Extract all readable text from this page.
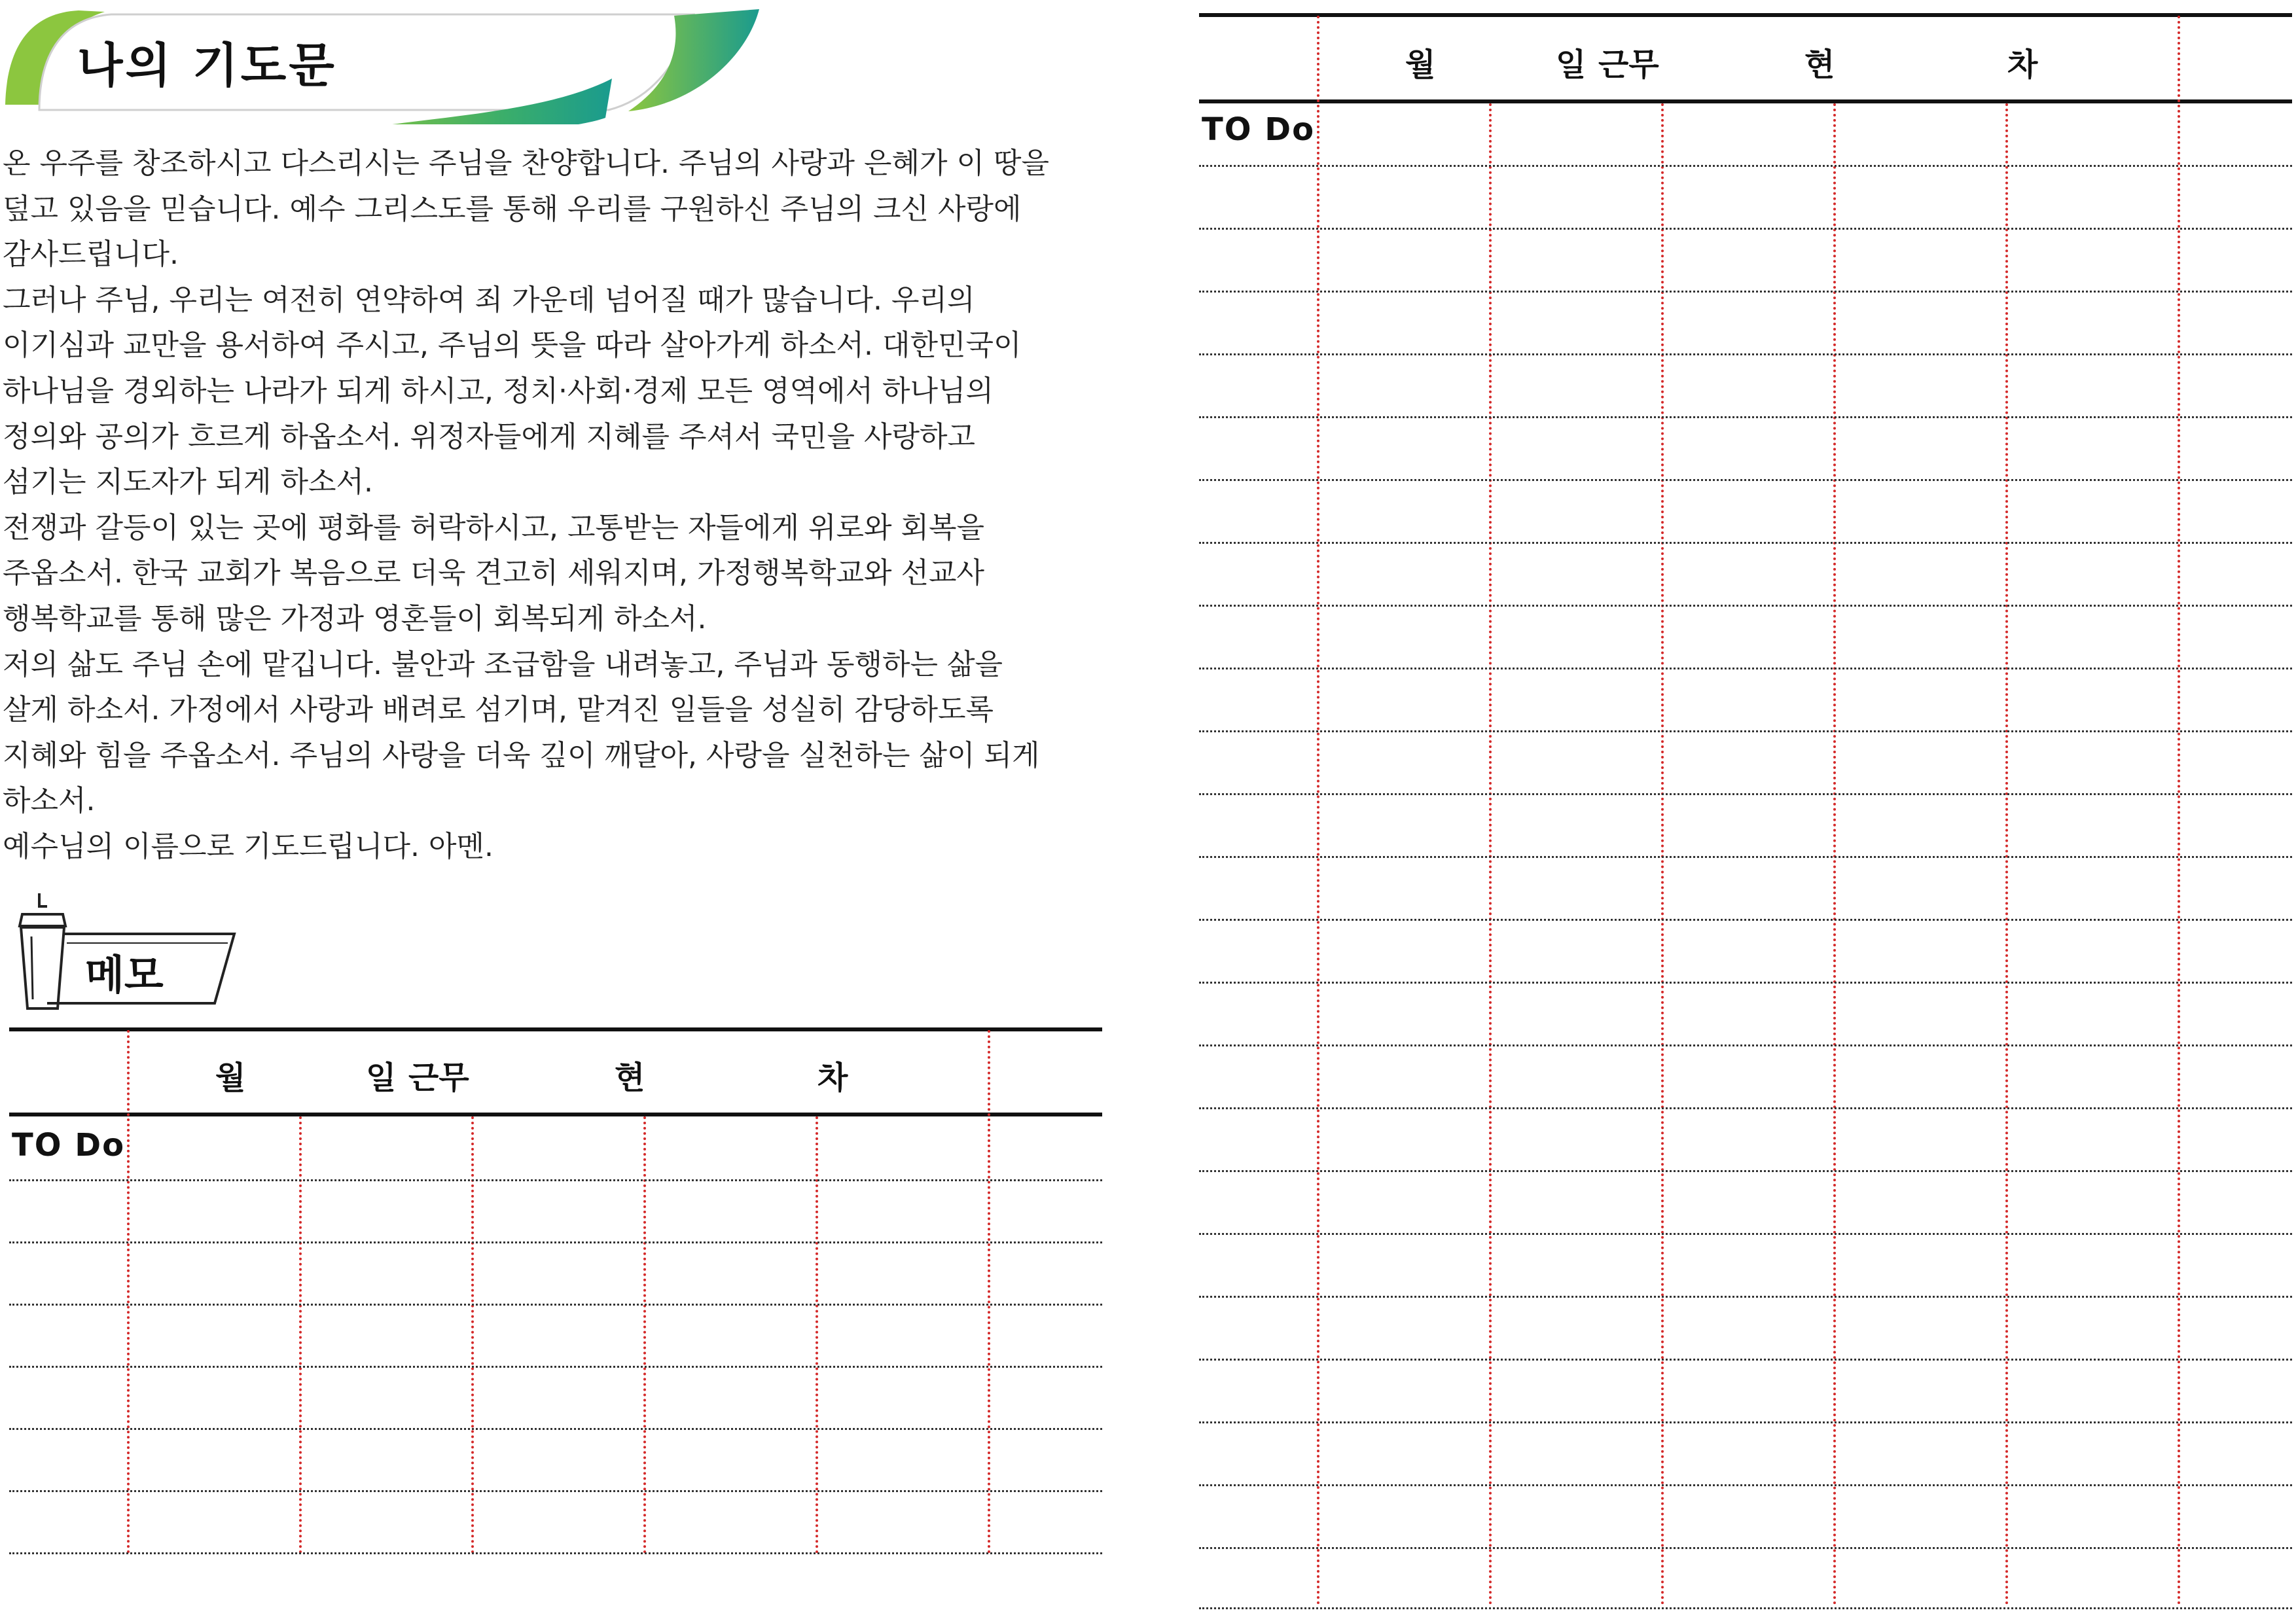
나의 기도문

온 우주를 창조하시고 다스리시는 주님을 찬양합니다. 주님의 사랑과 은혜가 이 땅을

덮고 있음을 믿습니다. 예수 그리스도를 통해 우리를 구원하신 주님의 크신 사랑에

감사드립니다.

그러나 주님, 우리는 여전히 연약하여 죄 가운데 넘어질 때가 많습니다. 우리의

이기심과 교만을 용서하여 주시고, 주님의 뜻을 따라 살아가게 하소서. 대한민국이

하나님을 경외하는 나라가 되게 하시고, 정치·사회·경제 모든 영역에서 하나님의

정의와 공의가 흐르게 하옵소서. 위정자들에게 지혜를 주셔서 국민을 사랑하고

섬기는 지도자가 되게 하소서.

전쟁과 갈등이 있는 곳에 평화를 허락하시고, 고통받는 자들에게 위로와 회복을

주옵소서. 한국 교회가 복음으로 더욱 견고히 세워지며, 가정행복학교와 선교사

행복학교를 통해 많은 가정과 영혼들이 회복되게 하소서.

저의 삶도 주님 손에 맡깁니다. 불안과 조급함을 내려놓고, 주님과 동행하는 삶을

살게 하소서. 가정에서 사랑과 배려로 섬기며, 맡겨진 일들을 성실히 감당하도록

지혜와 힘을 주옵소서. 주님의 사랑을 더욱 깊이 깨달아, 사랑을 실천하는 삶이 되게

하소서.

예수님의 이름으로 기도드립니다. 아멘.

메모
월	일 근무	현	차
TO Do
월	일 근무	현	차
TO Do
